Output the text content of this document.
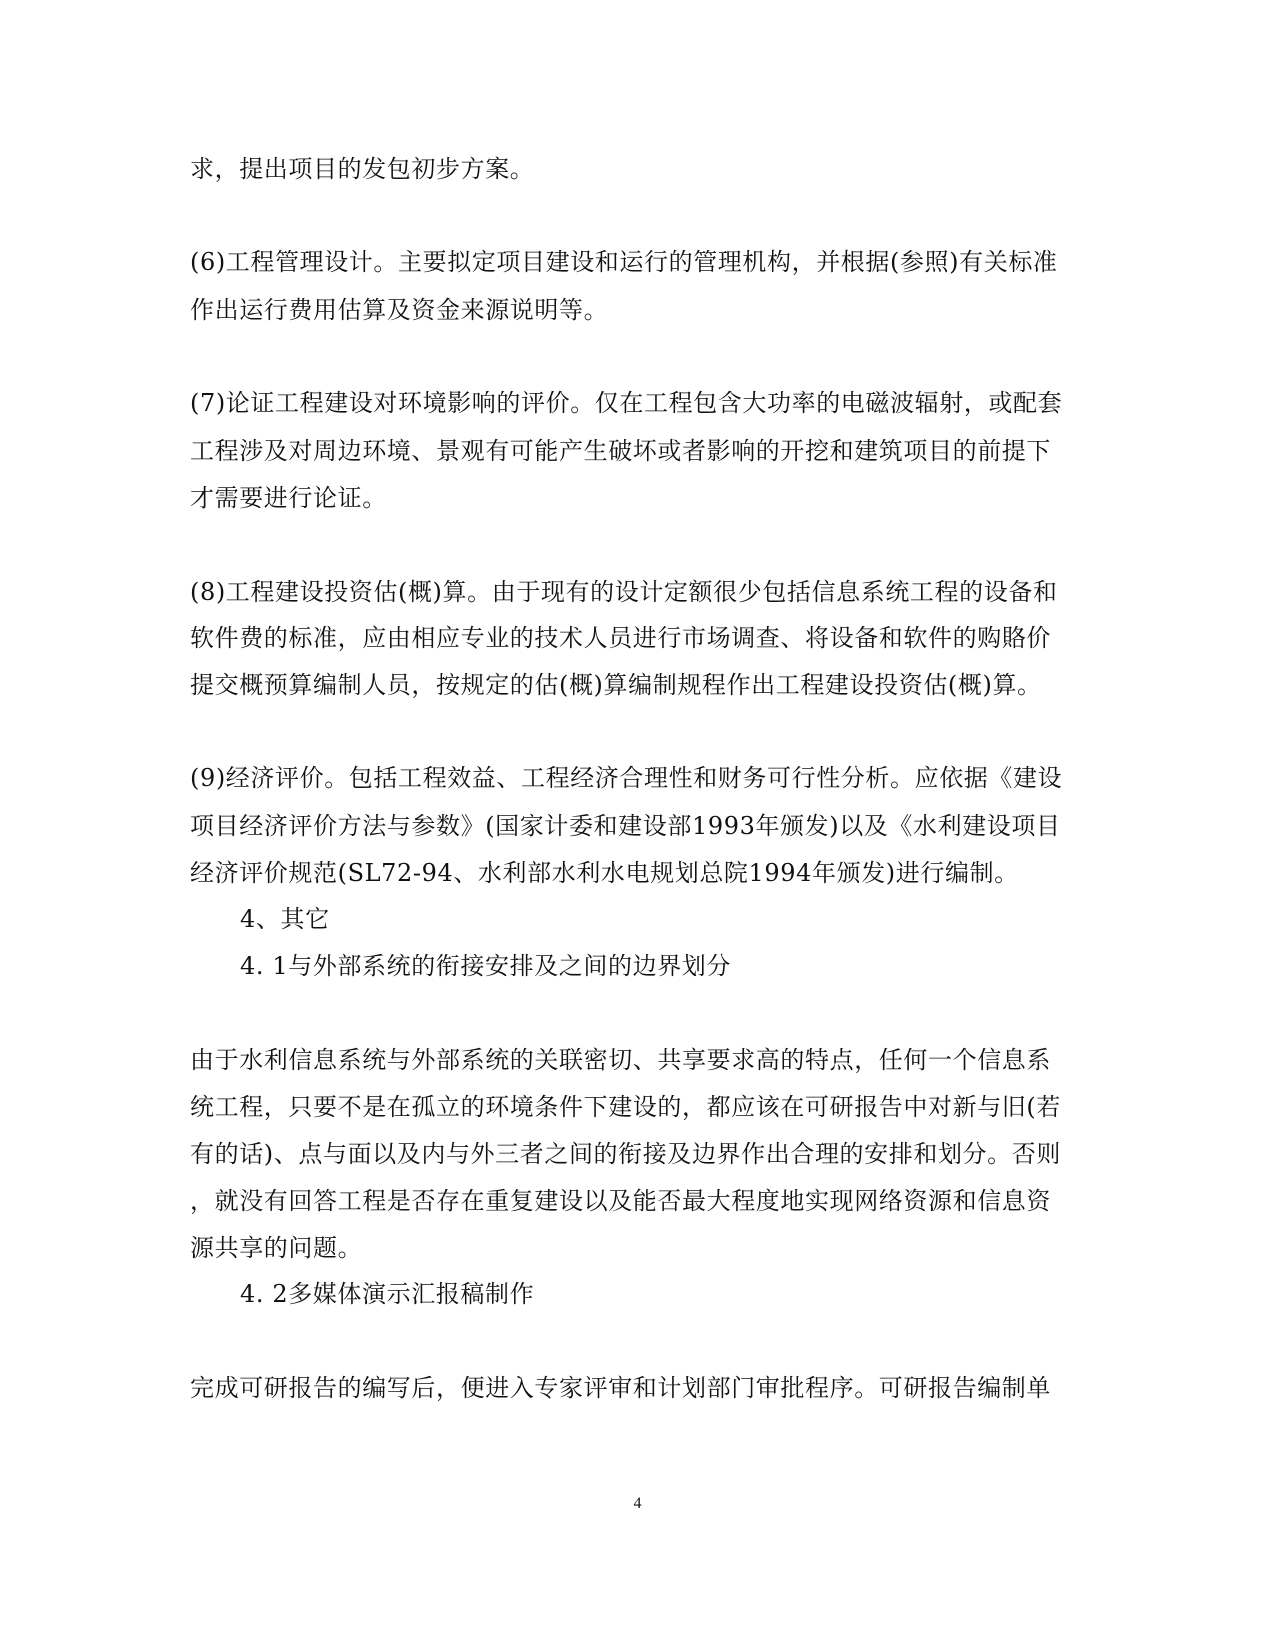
求，提出项目的发包初步方案。
(6)工程管理设计。主要拟定项目建设和运行的管理机构，并根据(参照)有关标准
作出运行费用估算及资金来源说明等。
(7)论证工程建设对环境影响的评价。仅在工程包含大功率的电磁波辐射，或配套
工程涉及对周边环境、景观有可能产生破坏或者影响的开挖和建筑项目的前提下
才需要进行论证。
(8)工程建设投资估(概)算。由于现有的设计定额很少包括信息系统工程的设备和
软件费的标准，应由相应专业的技术人员进行市场调查、将设备和软件的购賂价
提交概预算编制人员，按规定的估(概)算编制规程作出工程建设投资估(概)算。
(9)经济评价。包括工程效益、工程经济合理性和财务可行性分析。应依据《建设
项目经济评价方法与参数》(国家计委和建设部1993年颁发)以及《水利建设项目
经济评价规范(SL72-94、水利部水利水电规划总院1994年颁发)进行编制。
4、其它
4. 1与外部系统的衔接安排及之间的边界划分
由于水利信息系统与外部系统的关联密切、共享要求高的特点，任何一个信息系
统工程，只要不是在孤立的环境条件下建设的，都应该在可研报告中对新与旧(若
有的话)、点与面以及内与外三者之间的衔接及边界作出合理的安排和划分。否则
，就没有回答工程是否存在重复建设以及能否最大程度地实现网络资源和信息资
源共享的问题。
4. 2多媒体演示汇报稿制作
完成可研报告的编写后，便进入专家评审和计划部门审批程序。可研报告编制单
4
